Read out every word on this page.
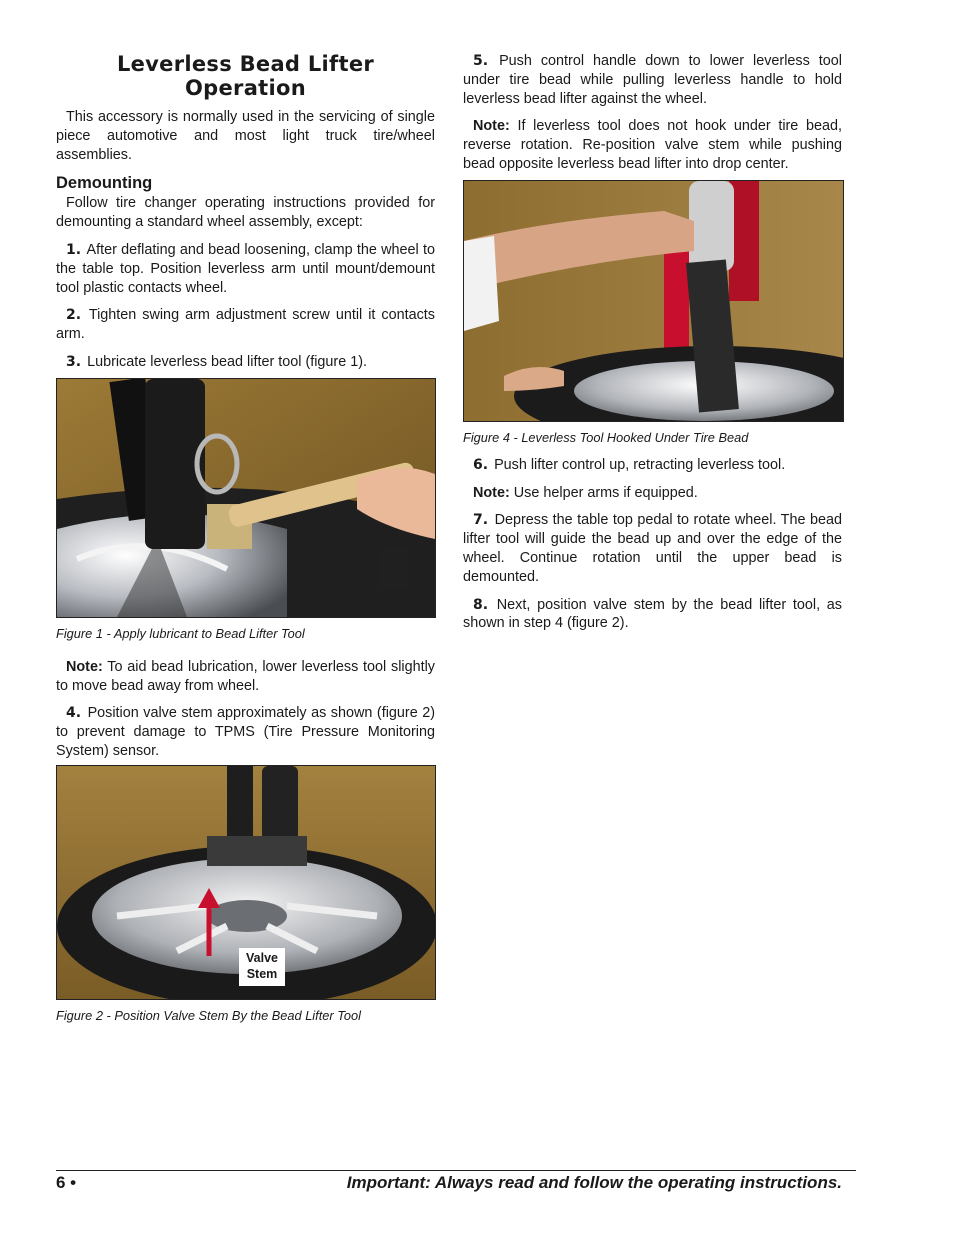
Leverless Bead Lifter Operation

This accessory is normally used in the servicing of single piece automotive and most light truck tire/wheel assemblies.

Demounting

Follow tire changer operating instructions provided for demounting a standard wheel assembly, except:

1. After deflating and bead loosening, clamp the wheel to the table top. Position leverless arm until mount/demount tool plastic contacts wheel.

2. Tighten swing arm adjustment screw until it contacts arm.

3. Lubricate leverless bead lifter tool (figure 1).

Figure 1 - Apply lubricant to Bead Lifter Tool

Note: To aid bead lubrication, lower leverless tool slightly to move bead away from wheel.

4. Position valve stem approximately as shown (figure 2) to prevent damage to TPMS (Tire Pressure Monitoring System) sensor.

Valve
Stem

Figure 2 - Position Valve Stem By the Bead Lifter Tool

5. Push control handle down to lower leverless tool under tire bead while pulling leverless handle to hold leverless bead lifter against the wheel.

Note: If leverless tool does not hook under tire bead, reverse rotation. Re-position valve stem while pushing bead opposite leverless bead lifter into drop center.

Figure 4 - Leverless Tool Hooked Under Tire Bead

6. Push lifter control up, retracting leverless tool.

Note: Use helper arms if equipped.

7. Depress the table top pedal to rotate wheel. The bead lifter tool will guide the bead up and over the edge of the wheel. Continue rotation until the upper bead is demounted.

8. Next, position valve stem by the bead lifter tool, as shown in step 4 (figure 2).

6 •	Important: Always read and follow the operating instructions.
